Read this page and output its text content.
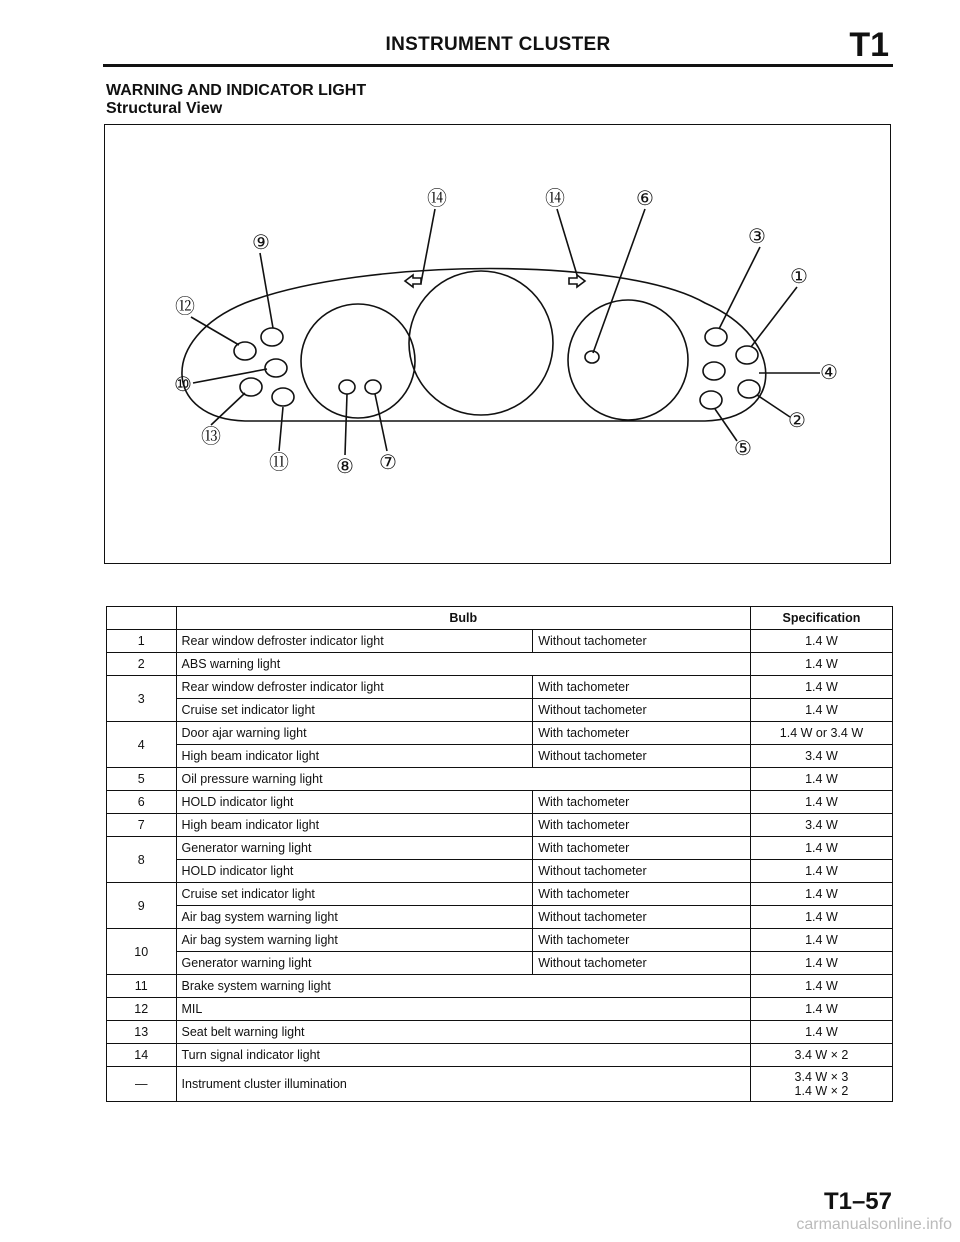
INSTRUMENT CLUSTER	T1
WARNING AND INDICATOR LIGHT
Structural View
⑭	⑭	⑥
⑨	③
①
⑫
④
⑩
②
⑬	⑤
⑪ ⑧ ⑦
	Bulb		Specification
1	Rear window defroster indicator light	Without tachometer	1.4 W
2	ABS warning light		1.4 W
3	Rear window defroster indicator light	With tachometer	1.4 W
	Cruise set indicator light	Without tachometer	1.4 W
4	Door ajar warning light	With tachometer	1.4 W or 3.4 W
	High beam indicator light	Without tachometer	3.4 W
5	Oil pressure warning light		1.4 W
6	HOLD indicator light	With tachometer	1.4 W
7	High beam indicator light	With tachometer	3.4 W
8	Generator warning light	With tachometer	1.4 W
	HOLD indicator light	Without tachometer	1.4 W
9	Cruise set indicator light	With tachometer	1.4 W
	Air bag system warning light	Without tachometer	1.4 W
10	Air bag system warning light	With tachometer	1.4 W
	Generator warning light	Without tachometer	1.4 W
11	Brake system warning light		1.4 W
12	MIL		1.4 W
13	Seat belt warning light		1.4 W
14	Turn signal indicator light		3.4 W × 2
—	Instrument cluster illumination		3.4 W × 3
1.4 W × 2
T1–57
carmanualsonline.info
